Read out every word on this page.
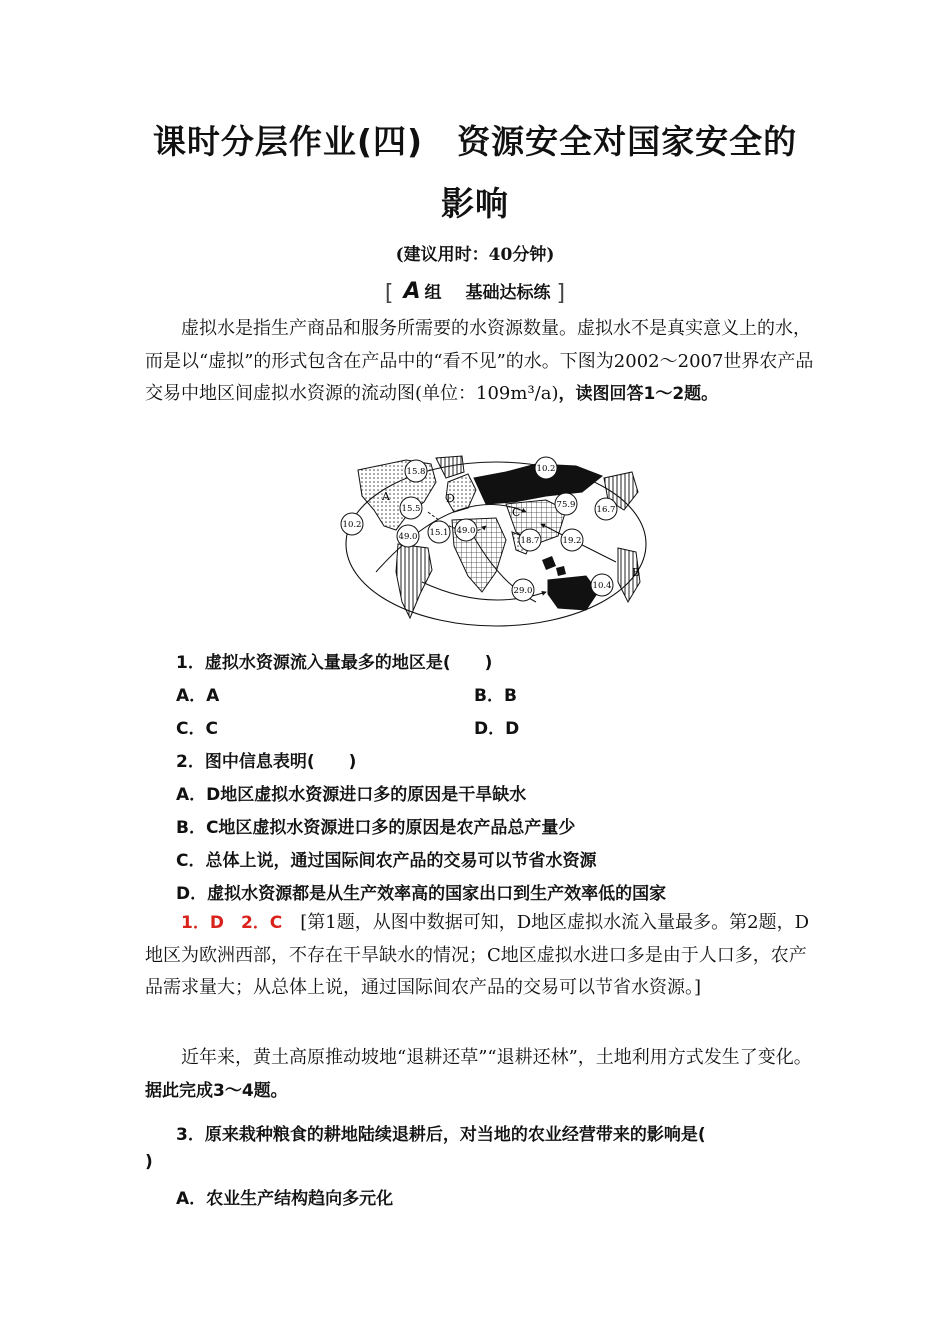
课时分层作业(四)　资源安全对国家安全的
影响
(建议用时：40分钟)
[ A 组 基础达标练 ]
虚拟水是指生产商品和服务所需要的水资源数量。虚拟水不是真实意义上的水，而是以“虚拟”的形式包含在产品中的“看不见”的水。下图为2002～2007世界农产品交易中地区间虚拟水资源的流动图(单位：109m³/a)，读图回答1～2题。
A
B
C
D
15.8	10.2
15.5
10.2
49.0 15.1 49.0
75.9 16.7
18.7	19.2
10.4
29.0
1．虚拟水资源流入量最多的地区是(　　)
A．A	B．B
C．C	D．D
2．图中信息表明(　　)
A．D地区虚拟水资源进口多的原因是干旱缺水
B．C地区虚拟水资源进口多的原因是农产品总产量少
C．总体上说，通过国际间农产品的交易可以节省水资源
D．虚拟水资源都是从生产效率高的国家出口到生产效率低的国家
1．D　2．C　 [第1题，从图中数据可知，D地区虚拟水流入量最多。第2题，D地区为欧洲西部，不存在干旱缺水的情况；C地区虚拟水进口多是由于人口多，农产品需求量大；从总体上说，通过国际间农产品的交易可以节省水资源。]
近年来，黄土高原推动坡地“退耕还草”“退耕还林”，土地利用方式发生了变化。据此完成3～4题。
3．原来栽种粮食的耕地陆续退耕后，对当地的农业经营带来的影响是(
)
A．农业生产结构趋向多元化
